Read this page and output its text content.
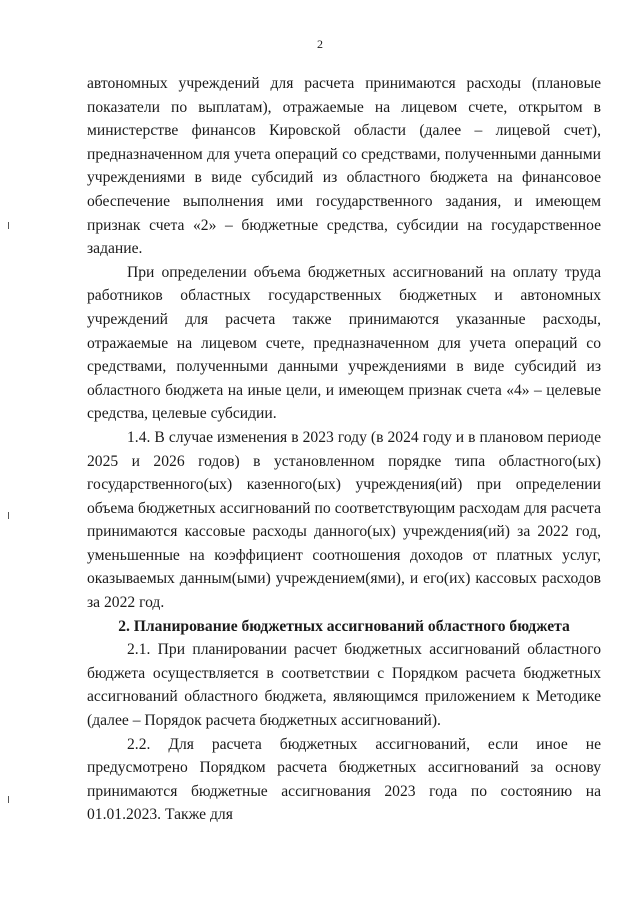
2

автономных учреждений для расчета принимаются расходы (плановые показатели по выплатам), отражаемые на лицевом счете, открытом в министерстве финансов Кировской области (далее – лицевой счет), предназначенном для учета операций со средствами, полученными данными учреждениями в виде субсидий из областного бюджета на финансовое обеспечение выполнения ими государственного задания, и имеющем признак счета «2» – бюджетные средства, субсидии на государственное задание.

При определении объема бюджетных ассигнований на оплату труда работников областных государственных бюджетных и автономных учреждений для расчета также принимаются указанные расходы, отражаемые на лицевом счете, предназначенном для учета операций со средствами, полученными данными учреждениями в виде субсидий из областного бюджета на иные цели, и имеющем признак счета «4» – целевые средства, целевые субсидии.

1.4. В случае изменения в 2023 году (в 2024 году и в плановом периоде 2025 и 2026 годов) в установленном порядке типа областного(ых) государственного(ых) казенного(ых) учреждения(ий) при определении объема бюджетных ассигнований по соответствующим расходам для расчета принимаются кассовые расходы данного(ых) учреждения(ий) за 2022 год, уменьшенные на коэффициент соотношения доходов от платных услуг, оказываемых данным(ыми) учреждением(ями), и его(их) кассовых расходов за 2022 год.

2. Планирование бюджетных ассигнований областного бюджета

2.1. При планировании расчет бюджетных ассигнований областного бюджета осуществляется в соответствии с Порядком расчета бюджетных ассигнований областного бюджета, являющимся приложением к Методике (далее – Порядок расчета бюджетных ассигнований).

2.2. Для расчета бюджетных ассигнований, если иное не предусмотрено Порядком расчета бюджетных ассигнований за основу принимаются бюджетные ассигнования 2023 года по состоянию на 01.01.2023. Также для
